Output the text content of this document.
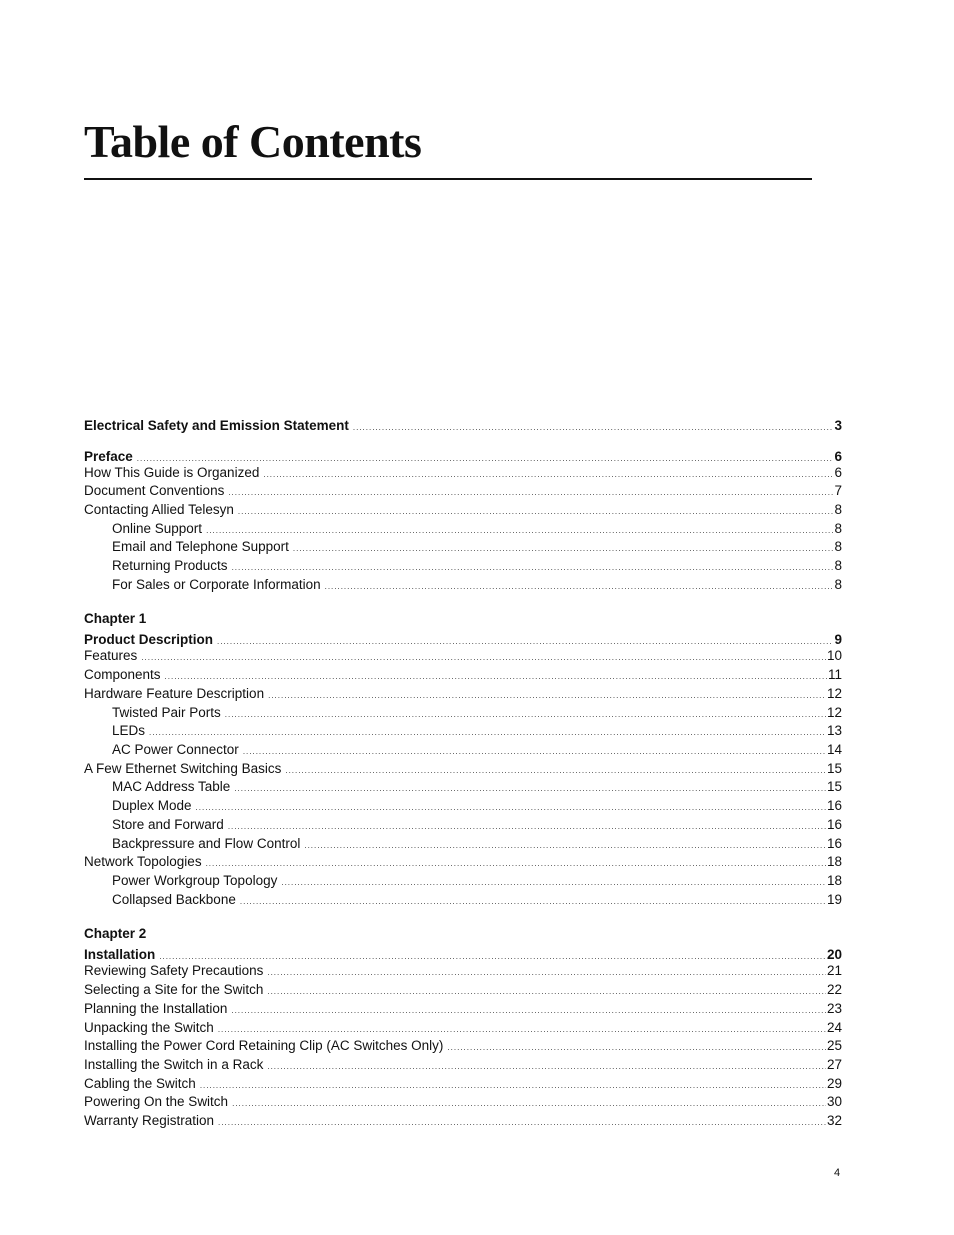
Table of Contents
Electrical Safety and Emission Statement .....	3
Preface .....	6
How This Guide is Organized .....	6
Document Conventions .....	7
Contacting Allied Telesyn .....	8
Online Support .....	8
Email and Telephone Support .....	8
Returning Products .....	8
For Sales or Corporate Information .....	8
Chapter 1
Product Description .....	9
Features .....	10
Components .....	11
Hardware Feature Description .....	12
Twisted Pair Ports .....	12
LEDs .....	13
AC Power Connector .....	14
A Few Ethernet Switching Basics .....	15
MAC Address Table .....	15
Duplex Mode .....	16
Store and Forward .....	16
Backpressure and Flow Control .....	16
Network Topologies .....	18
Power Workgroup Topology .....	18
Collapsed Backbone .....	19
Chapter 2
Installation .....	20
Reviewing Safety Precautions .....	21
Selecting a Site for the Switch .....	22
Planning the Installation .....	23
Unpacking the Switch .....	24
Installing the Power Cord Retaining Clip (AC Switches Only) .....	25
Installing the Switch in a Rack .....	27
Cabling the Switch .....	29
Powering On the Switch .....	30
Warranty Registration .....	32
4
